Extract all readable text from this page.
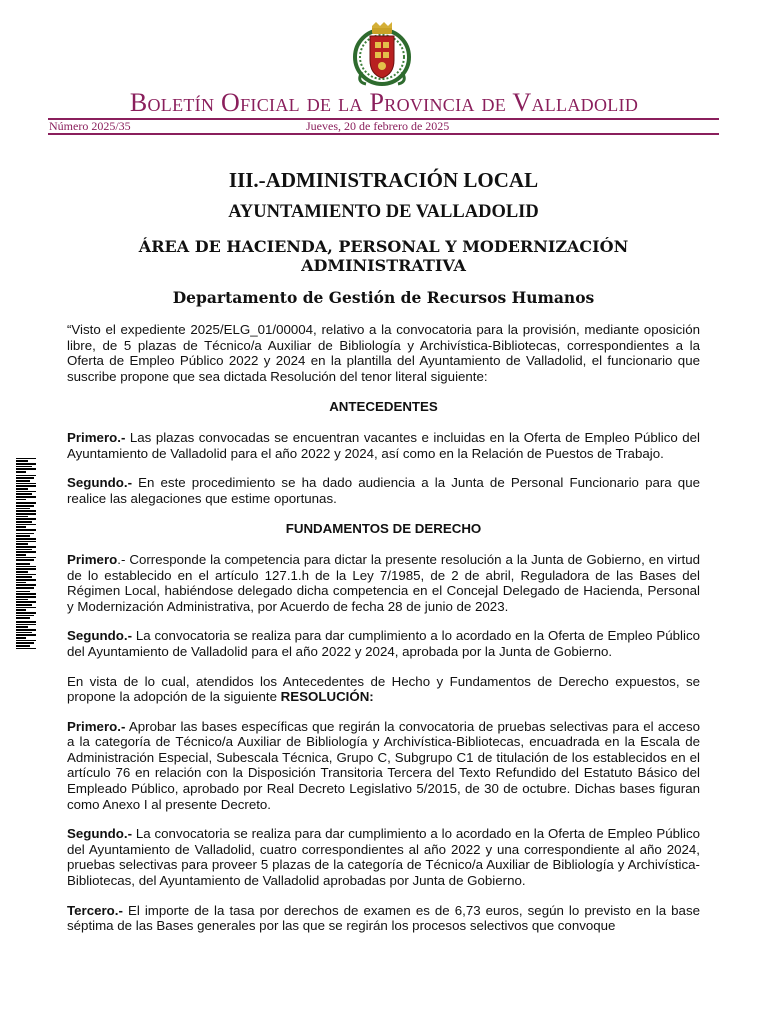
Boletín Oficial de la Provincia de Valladolid
Número 2025/35	Jueves, 20 de febrero de 2025
III.-ADMINISTRACIÓN LOCAL
AYUNTAMIENTO DE VALLADOLID
ÁREA DE HACIENDA, PERSONAL Y MODERNIZACIÓN ADMINISTRATIVA
Departamento de Gestión de Recursos Humanos

“Visto el expediente 2025/ELG_01/00004, relativo a la convocatoria para la provisión, mediante oposición libre, de 5 plazas de Técnico/a Auxiliar de Bibliología y Archivística-Bibliotecas, correspondientes a la Oferta de Empleo Público 2022 y 2024 en la plantilla del Ayuntamiento de Valladolid, el funcionario que suscribe propone que sea dictada Resolución del tenor literal siguiente:

ANTECEDENTES

Primero.- Las plazas convocadas se encuentran vacantes e incluidas en la Oferta de Empleo Público del Ayuntamiento de Valladolid para el año 2022 y 2024, así como en la Relación de Puestos de Trabajo.

Segundo.- En este procedimiento se ha dado audiencia a la Junta de Personal Funcionario para que realice las alegaciones que estime oportunas.

FUNDAMENTOS DE DERECHO

Primero.- Corresponde la competencia para dictar la presente resolución a la Junta de Gobierno, en virtud de lo establecido en el artículo 127.1.h de la Ley 7/1985, de 2 de abril, Reguladora de las Bases del Régimen Local, habiéndose delegado dicha competencia en el Concejal Delegado de Hacienda, Personal y Modernización Administrativa, por Acuerdo de fecha 28 de junio de 2023.

Segundo.- La convocatoria se realiza para dar cumplimiento a lo acordado en la Oferta de Empleo Público del Ayuntamiento de Valladolid para el año 2022 y 2024, aprobada por la Junta de Gobierno.

En vista de lo cual, atendidos los Antecedentes de Hecho y Fundamentos de Derecho expuestos, se propone la adopción de la siguiente RESOLUCIÓN:

Primero.- Aprobar las bases específicas que regirán la convocatoria de pruebas selectivas para el acceso a la categoría de Técnico/a Auxiliar de Bibliología y Archivística-Bibliotecas, encuadrada en la Escala de Administración Especial, Subescala Técnica, Grupo C, Subgrupo C1 de titulación de los establecidos en el artículo 76 en relación con la Disposición Transitoria Tercera del Texto Refundido del Estatuto Básico del Empleado Público, aprobado por Real Decreto Legislativo 5/2015, de 30 de octubre. Dichas bases figuran como Anexo I al presente Decreto.

Segundo.- La convocatoria se realiza para dar cumplimiento a lo acordado en la Oferta de Empleo Público del Ayuntamiento de Valladolid, cuatro correspondientes al año 2022 y una correspondiente al año 2024, pruebas selectivas para proveer 5 plazas de la categoría de Técnico/a Auxiliar de Bibliología y Archivística-Bibliotecas, del Ayuntamiento de Valladolid aprobadas por Junta de Gobierno.

Tercero.- El importe de la tasa por derechos de examen es de 6,73 euros, según lo previsto en la base séptima de las Bases generales por las que se regirán los procesos selectivos que convoque
